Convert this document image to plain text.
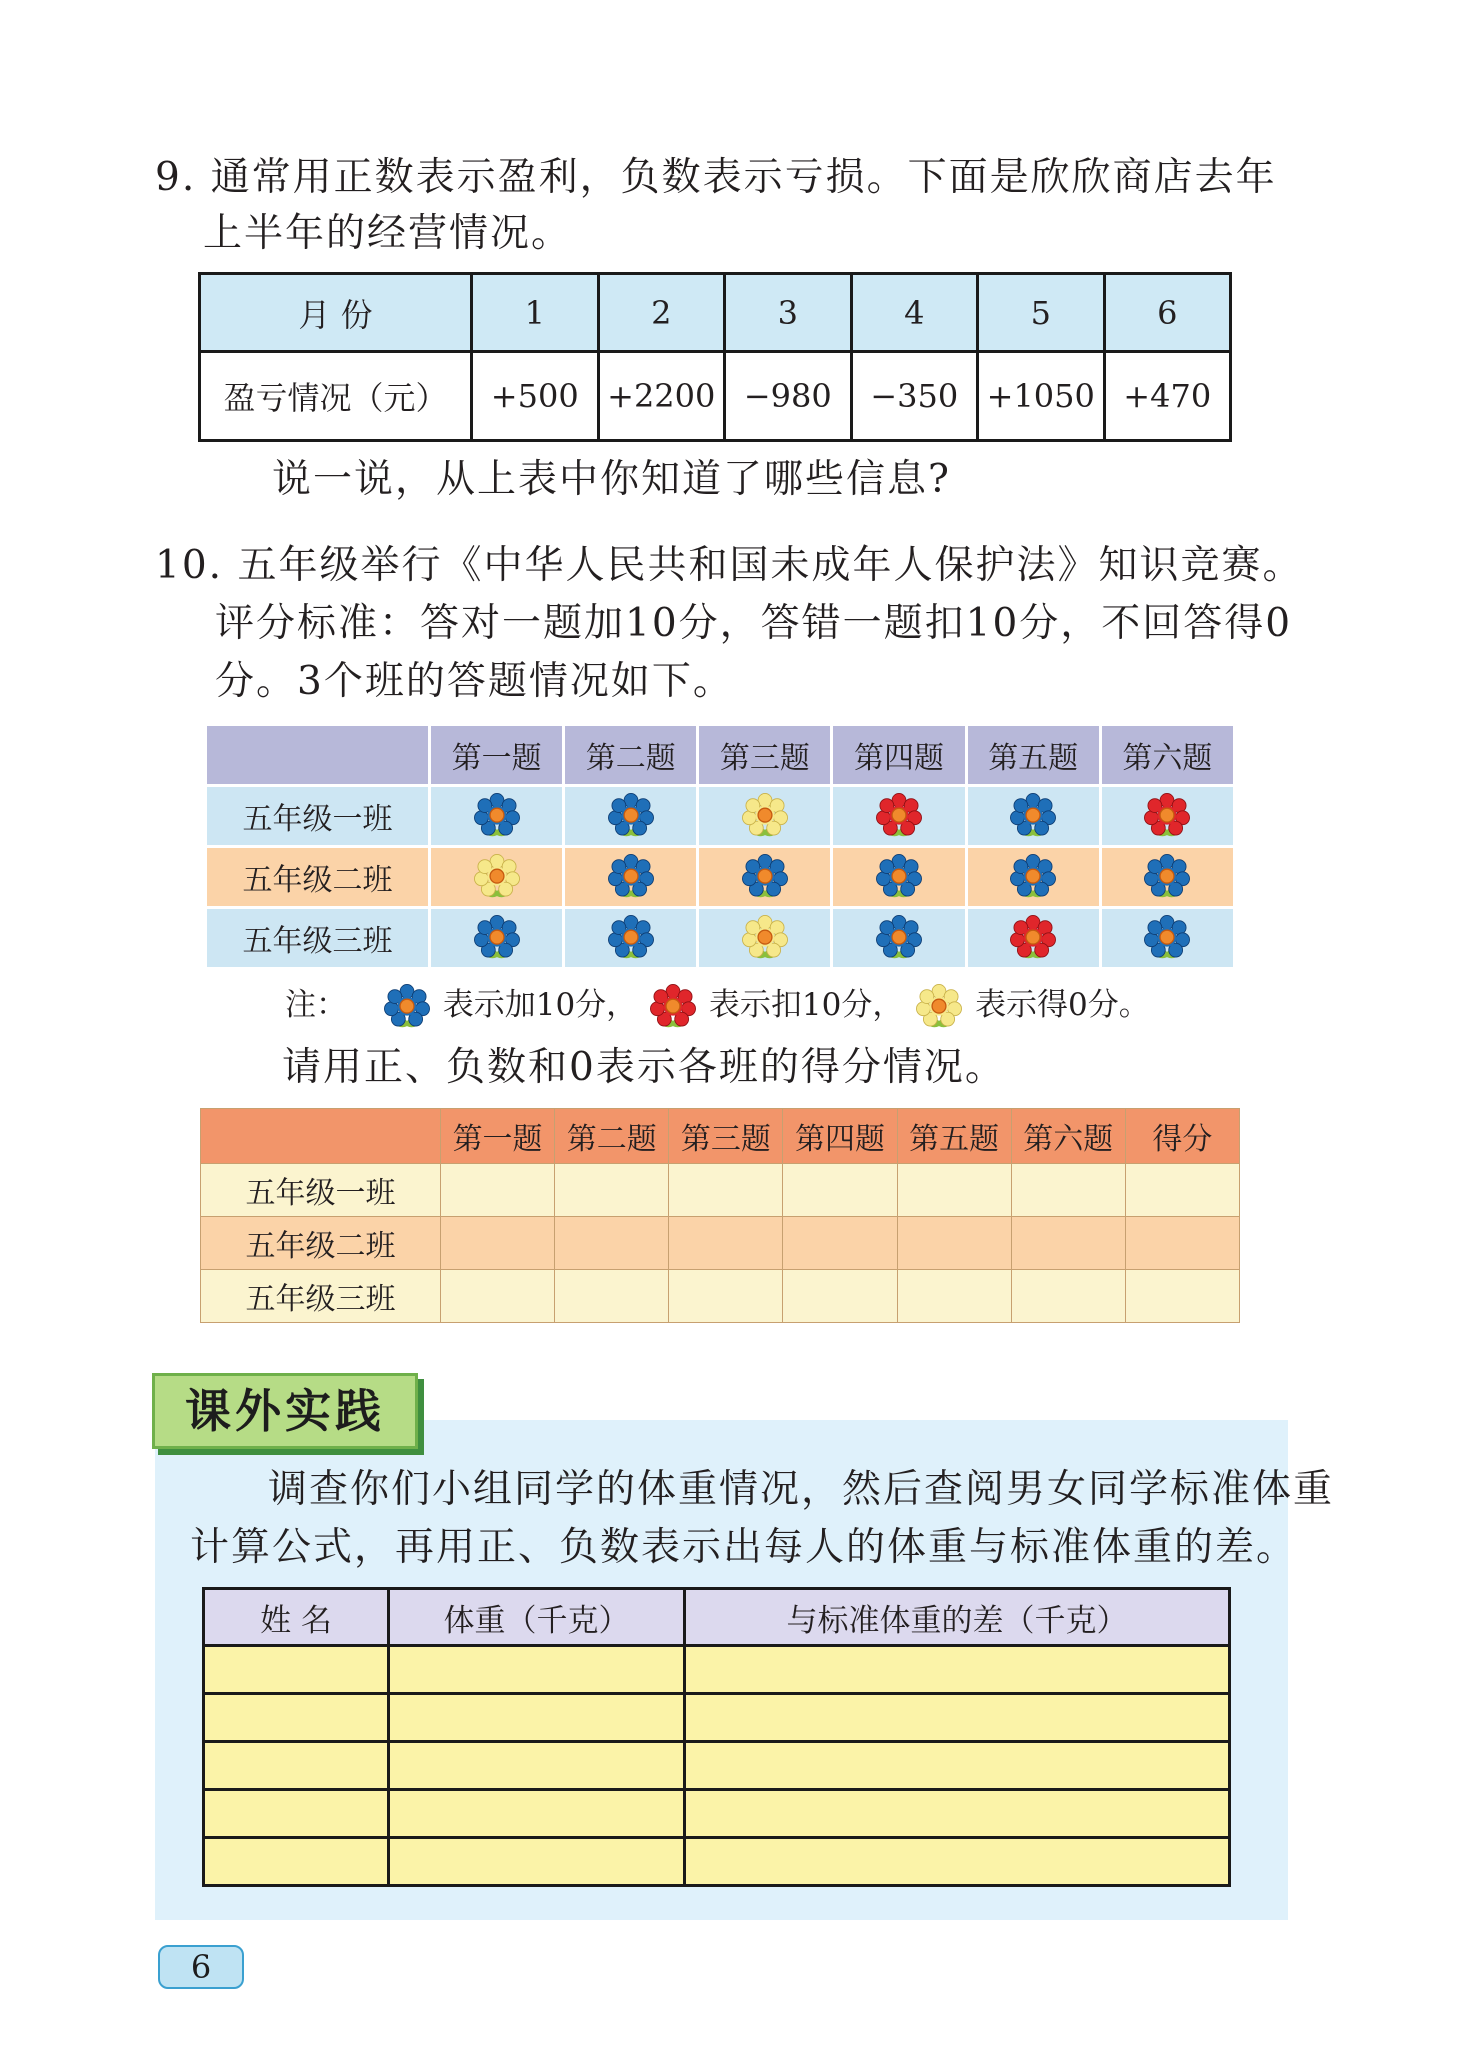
9. 通常用正数表示盈利，负数表示亏损。下面是欣欣商店去年
上半年的经营情况。
月 份	1	2	3	4	5	6
盈亏情况（元）	+500	+2200	−980	−350	+1050	+470
说一说，从上表中你知道了哪些信息?
10. 五年级举行《中华人民共和国未成年人保护法》知识竞赛。
评分标准：答对一题加10分，答错一题扣10分，不回答得0
分。3个班的答题情况如下。
	第一题	第二题	第三题	第四题	第五题	第六题
五年级一班						
五年级二班						
五年级三班						
注：	表示加10分， 表示扣10分， 表示得0分。
请用正、负数和0表示各班的得分情况。
	第一题	第二题	第三题	第四题	第五题	第六题	得分
五年级一班							
五年级二班							
五年级三班							
课外实践
调查你们小组同学的体重情况，然后查阅男女同学标准体重
计算公式，再用正、负数表示出每人的体重与标准体重的差。
姓 名	体重（千克）	与标准体重的差（千克）

6
